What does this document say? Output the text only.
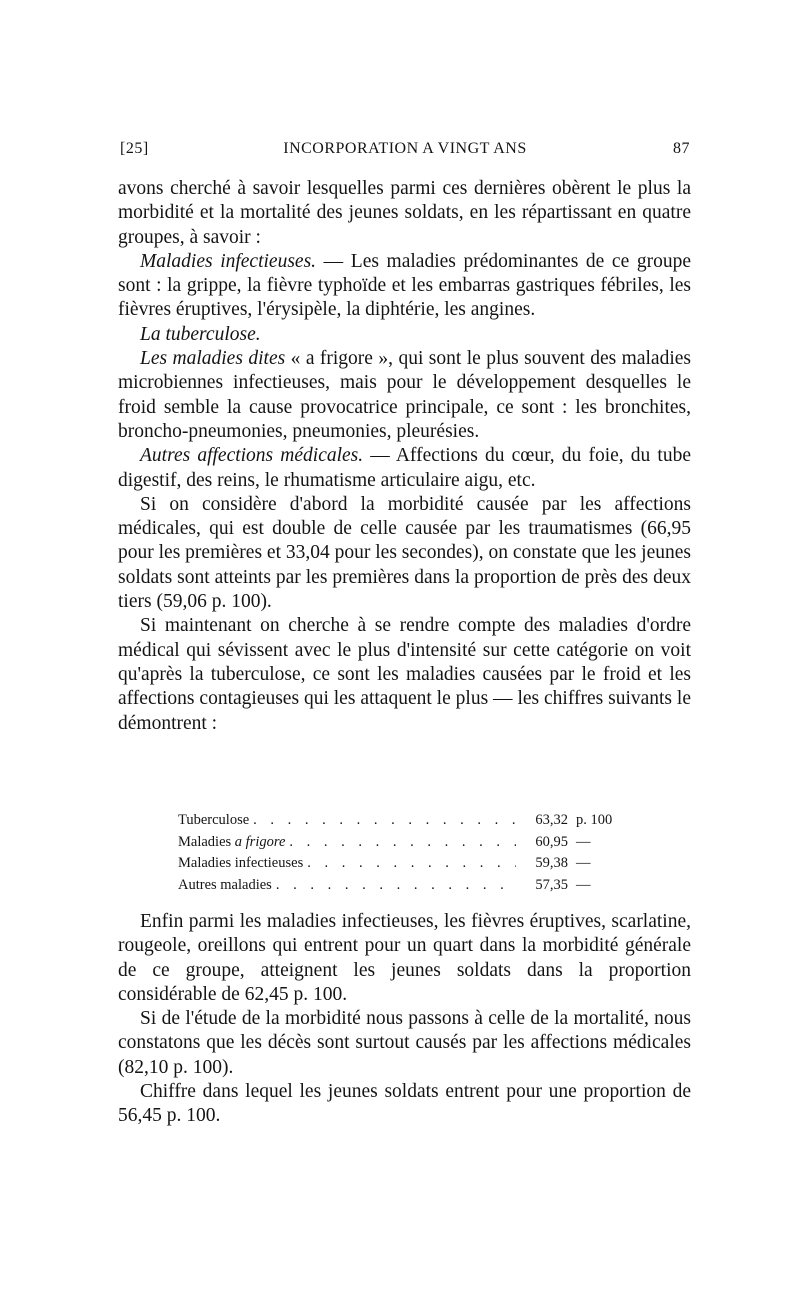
[25]	INCORPORATION A VINGT ANS	87

avons cherché à savoir lesquelles parmi ces dernières obèrent le plus la morbidité et la mortalité des jeunes soldats, en les répartissant en quatre groupes, à savoir :

Maladies infectieuses. — Les maladies prédominantes de ce groupe sont : la grippe, la fièvre typhoïde et les embarras gastriques fébriles, les fièvres éruptives, l'érysipèle, la diphtérie, les angines.

La tuberculose.

Les maladies dites « a frigore », qui sont le plus souvent des maladies microbiennes infectieuses, mais pour le développement desquelles le froid semble la cause provocatrice principale, ce sont : les bronchites, broncho-pneumonies, pneumonies, pleurésies.

Autres affections médicales. — Affections du cœur, du foie, du tube digestif, des reins, le rhumatisme articulaire aigu, etc.

Si on considère d'abord la morbidité causée par les affections médicales, qui est double de celle causée par les traumatismes (66,95 pour les premières et 33,04 pour les secondes), on constate que les jeunes soldats sont atteints par les premières dans la proportion de près des deux tiers (59,06 p. 100).

Si maintenant on cherche à se rendre compte des maladies d'ordre médical qui sévissent avec le plus d'intensité sur cette catégorie on voit qu'après la tuberculose, ce sont les maladies causées par le froid et les affections contagieuses qui les attaquent le plus — les chiffres suivants le démontrent :

Tuberculose . . .	63,32 p. 100
Maladies a frigore . . .	60,95 —
Maladies infectieuses . . .	59,38 —
Autres maladies . . .	57,35 —

Enfin parmi les maladies infectieuses, les fièvres éruptives, scarlatine, rougeole, oreillons qui entrent pour un quart dans la morbidité générale de ce groupe, atteignent les jeunes soldats dans la proportion considérable de 62,45 p. 100.

Si de l'étude de la morbidité nous passons à celle de la mortalité, nous constatons que les décès sont surtout causés par les affections médicales (82,10 p. 100).

Chiffre dans lequel les jeunes soldats entrent pour une proportion de 56,45 p. 100.
